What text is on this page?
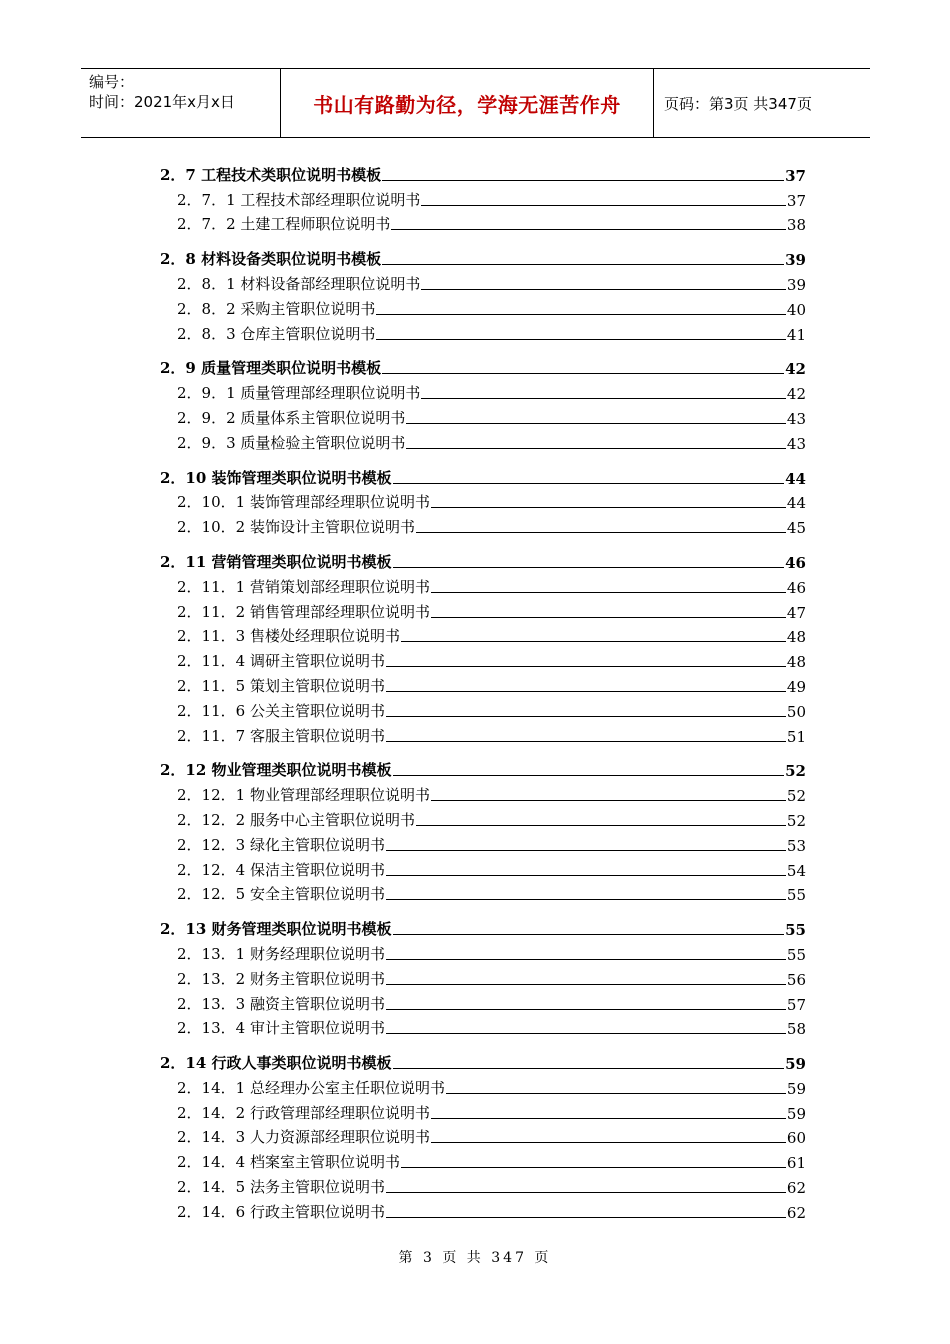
编号：
时间：2021年x月x日	书山有路勤为径，学海无涯苦作舟	页码：第3页 共347页
2．7 工程技术类职位说明书模板	37
2．7．1 工程技术部经理职位说明书	37
2．7．2 土建工程师职位说明书	38
2．8 材料设备类职位说明书模板	39
2．8．1 材料设备部经理职位说明书	39
2．8．2 采购主管职位说明书	40
2．8．3 仓库主管职位说明书	41
2．9 质量管理类职位说明书模板	42
2．9．1 质量管理部经理职位说明书	42
2．9．2 质量体系主管职位说明书	43
2．9．3 质量检验主管职位说明书	43
2．10 装饰管理类职位说明书模板	44
2．10．1 装饰管理部经理职位说明书	44
2．10．2 装饰设计主管职位说明书	45
2．11 营销管理类职位说明书模板	46
2．11．1 营销策划部经理职位说明书	46
2．11．2 销售管理部经理职位说明书	47
2．11．3 售楼处经理职位说明书	48
2．11．4 调研主管职位说明书	48
2．11．5 策划主管职位说明书	49
2．11．6 公关主管职位说明书	50
2．11．7 客服主管职位说明书	51
2．12 物业管理类职位说明书模板	52
2．12．1 物业管理部经理职位说明书	52
2．12．2 服务中心主管职位说明书	52
2．12．3 绿化主管职位说明书	53
2．12．4 保洁主管职位说明书	54
2．12．5 安全主管职位说明书	55
2．13 财务管理类职位说明书模板	55
2．13．1 财务经理职位说明书	55
2．13．2 财务主管职位说明书	56
2．13．3 融资主管职位说明书	57
2．13．4 审计主管职位说明书	58
2．14 行政人事类职位说明书模板	59
2．14．1 总经理办公室主任职位说明书	59
2．14．2 行政管理部经理职位说明书	59
2．14．3 人力资源部经理职位说明书	60
2．14．4 档案室主管职位说明书	61
2．14．5 法务主管职位说明书	62
2．14．6 行政主管职位说明书	62
第 3 页 共 347 页
